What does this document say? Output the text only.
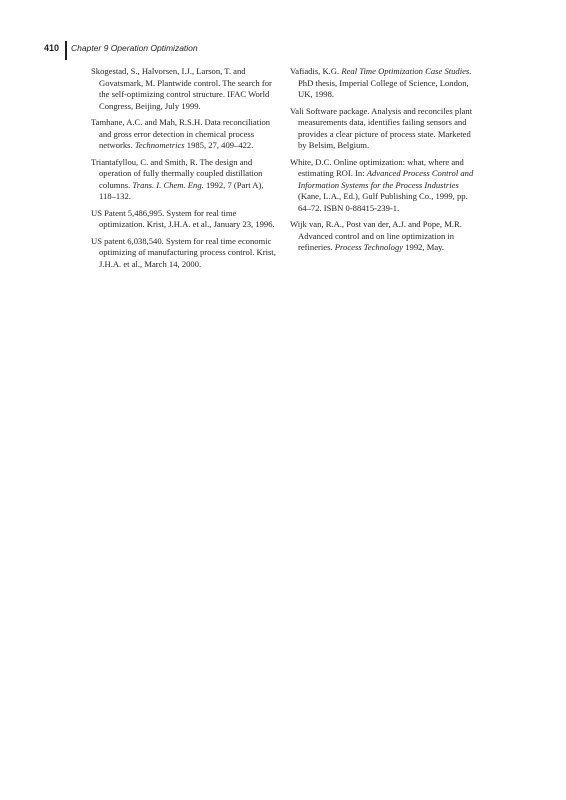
410 Chapter 9 Operation Optimization

Skogestad, S., Halvorsen, I.J., Larson, T. and Govatsmark, M. Plantwide control. The search for the self-optimizing control structure. IFAC World Congress, Beijing, July 1999.

Tamhane, A.C. and Mah, R.S.H. Data reconciliation and gross error detection in chemical process networks. Technometrics 1985, 27, 409–422.

Triantafyllou, C. and Smith, R. The design and operation of fully thermally coupled distillation columns. Trans. I. Chem. Eng. 1992, 7 (Part A), 118–132.

US Patent 5,486,995. System for real time optimization. Krist, J.H.A. et al., January 23, 1996.

US patent 6,038,540. System for real time economic optimizing of manufacturing process control. Krist, J.H.A. et al., March 14, 2000.

Vafiadis, K.G. Real Time Optimization Case Studies. PhD thesis, Imperial College of Science, London, UK, 1998.

Vali Software package. Analysis and reconciles plant measurements data, identifies failing sensors and provides a clear picture of process state. Marketed by Belsim, Belgium.

White, D.C. Online optimization: what, where and estimating ROI. In: Advanced Process Control and Information Systems for the Process Industries (Kane, L.A., Ed.), Gulf Publishing Co., 1999, pp. 64–72. ISBN 0-88415-239-1.

Wijk van, R.A., Post van der, A.J. and Pope, M.R. Advanced control and on line optimization in refineries. Process Technology 1992, May.
